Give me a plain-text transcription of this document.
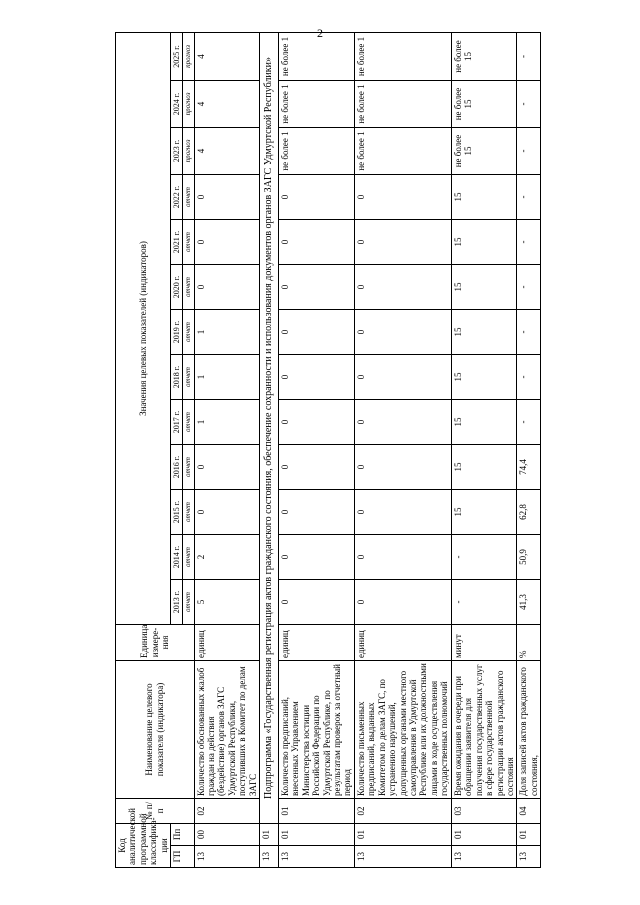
2
Код аналитической программной классифика-ции		№ п/п	Наименование целевого показателя (индикатора)	Единица измере-ния	Значения целевых показателей (индикаторов)												
ГП	Пп				2013 г.	2014 г.	2015 г.	2016 г.	2017 г.	2018 г.	2019 г.	2020 г.	2021 г.	2022 г.	2023 г.	2024 г.	2025 г.
					отчет	отчет	отчет	отчет	отчет	отчет	отчет	отчет	отчет	отчет	прогноз	прогноз	прогноз
13	00	02	Количество обоснованных жалоб граждан на действия (бездействие) органов ЗАГС Удмуртской Республики, поступивших в Комитет по делам ЗАГС	единиц	5	2	0	0	1	1	1	0	0	0	4	4	4
13	01	Подпрограмма «Государственная регистрация актов гражданского состояния, обеспечение сохранности и использования документов органов ЗАГС Удмуртской Республики»															
13	01	01	Количество предписаний, внесенных Управлением Министерства юстиции Российской Федерации по Удмуртской Республике, по результатам проверок за отчетный период	единиц	0	0	0	0	0	0	0	0	0	0	не более 1	не более 1	не более 1
13	01	02	Количество письменных предписаний, выданных Комитетом по делам ЗАГС, по устранению нарушений, допущенных органами местного самоуправления в Удмуртской Республике или их должностными лицами в ходе осуществления государственных полномочий	единиц	0	0	0	0	0	0	0	0	0	0	не более 1	не более 1	не более 1
13	01	03	Время ожидания в очереди при обращении заявителя для получения государственных услуг в сфере государственной регистрации актов гражданского состояния	минут	-	-	15	15	15	15	15	15	15	15	не более 15	не более 15	не более 15
13	01	04	Доля записей актов гражданского состояния,	%	41,3	50,9	62,8	74,4	-	-	-	-	-	-	-	-	-
